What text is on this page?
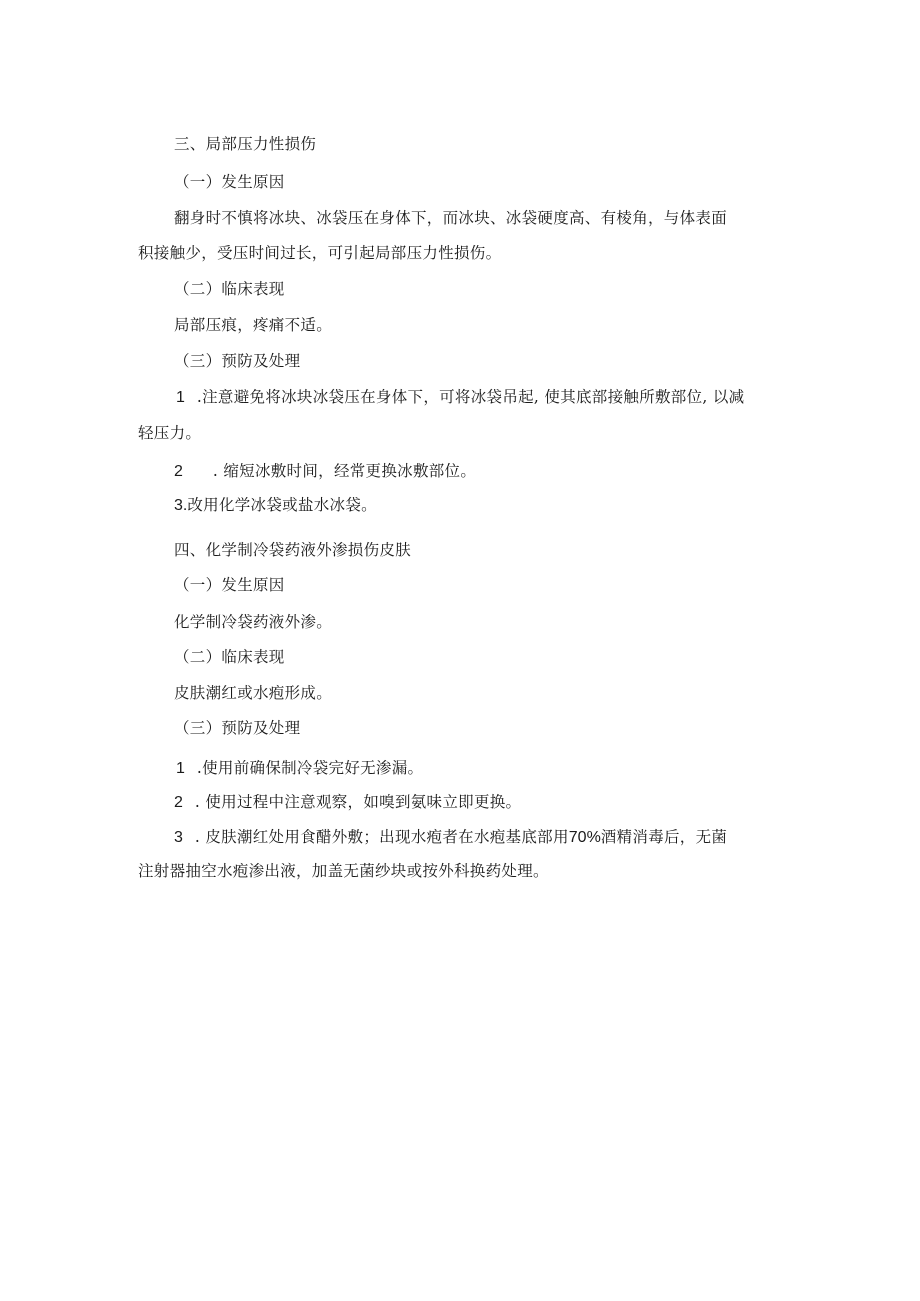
三、局部压力性损伤
（一）发生原因
翻身时不慎将冰块、冰袋压在身体下，而冰块、冰袋硬度高、有棱角，与体表面
积接触少，受压时间过长，可引起局部压力性损伤。
（二）临床表现
局部压痕，疼痛不适。
（三）预防及处理
1 .注意避免将冰块冰袋压在身体下，可将冰袋吊起, 使其底部接触所敷部位, 以减
轻压力。
2 . 缩短冰敷时间，经常更换冰敷部位。
3.改用化学冰袋或盐水冰袋。
四、化学制冷袋药液外渗损伤皮肤
（一）发生原因
化学制冷袋药液外渗。
（二）临床表现
皮肤潮红或水疱形成。
（三）预防及处理
1 .使用前确保制冷袋完好无渗漏。
2 . 使用过程中注意观察，如嗅到氨味立即更换。
3 . 皮肤潮红处用食醋外敷；出现水疱者在水疱基底部用70%酒精消毒后，无菌
注射器抽空水疱渗出液，加盖无菌纱块或按外科换药处理。
